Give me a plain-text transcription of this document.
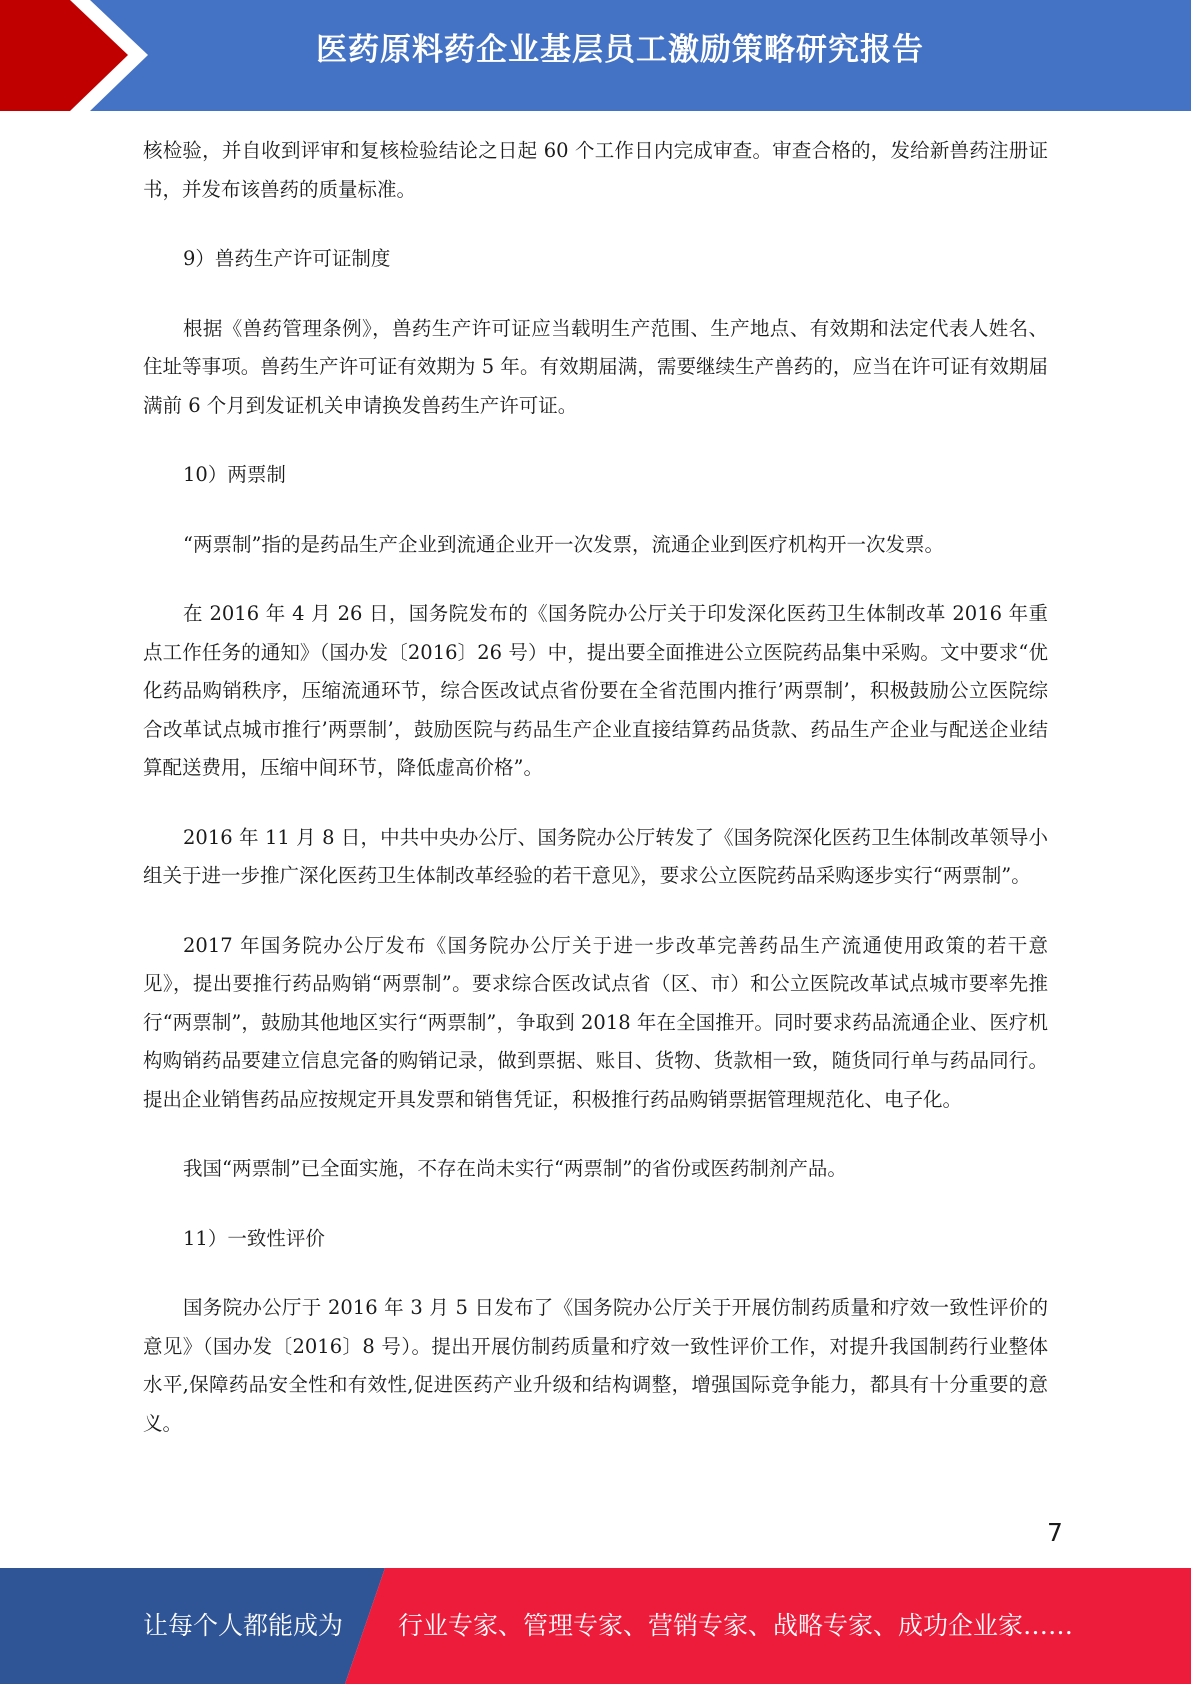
医药原料药企业基层员工激励策略研究报告

核检验，并自收到评审和复核检验结论之日起 60 个工作日内完成审查。审查合格的，发给新兽药注册证书，并发布该兽药的质量标准。

9）兽药生产许可证制度

根据《兽药管理条例》，兽药生产许可证应当载明生产范围、生产地点、有效期和法定代表人姓名、住址等事项。兽药生产许可证有效期为 5 年。有效期届满，需要继续生产兽药的，应当在许可证有效期届满前 6 个月到发证机关申请换发兽药生产许可证。

10）两票制

“两票制”指的是药品生产企业到流通企业开一次发票，流通企业到医疗机构开一次发票。

在 2016 年 4 月 26 日，国务院发布的《国务院办公厅关于印发深化医药卫生体制改革 2016 年重点工作任务的通知》（国办发〔2016〕26 号）中，提出要全面推进公立医院药品集中采购。文中要求“优化药品购销秩序，压缩流通环节，综合医改试点省份要在全省范围内推行’两票制’，积极鼓励公立医院综合改革试点城市推行’两票制’，鼓励医院与药品生产企业直接结算药品货款、药品生产企业与配送企业结算配送费用，压缩中间环节，降低虚高价格”。

2016 年 11 月 8 日，中共中央办公厅、国务院办公厅转发了《国务院深化医药卫生体制改革领导小组关于进一步推广深化医药卫生体制改革经验的若干意见》，要求公立医院药品采购逐步实行“两票制”。

2017 年国务院办公厅发布《国务院办公厅关于进一步改革完善药品生产流通使用政策的若干意见》，提出要推行药品购销“两票制”。要求综合医改试点省（区、市）和公立医院改革试点城市要率先推行“两票制”，鼓励其他地区实行“两票制”，争取到 2018 年在全国推开。同时要求药品流通企业、医疗机构购销药品要建立信息完备的购销记录，做到票据、账目、货物、货款相一致，随货同行单与药品同行。提出企业销售药品应按规定开具发票和销售凭证，积极推行药品购销票据管理规范化、电子化。

我国“两票制”已全面实施，不存在尚未实行“两票制”的省份或医药制剂产品。

11）一致性评价

国务院办公厅于 2016 年 3 月 5 日发布了《国务院办公厅关于开展仿制药质量和疗效一致性评价的意见》（国办发〔2016〕8 号）。提出开展仿制药质量和疗效一致性评价工作，对提升我国制药行业整体水平,保障药品安全性和有效性,促进医药产业升级和结构调整，增强国际竞争能力，都具有十分重要的意义。

7
让每个人都能成为 行业专家、管理专家、营销专家、战略专家、成功企业家……
